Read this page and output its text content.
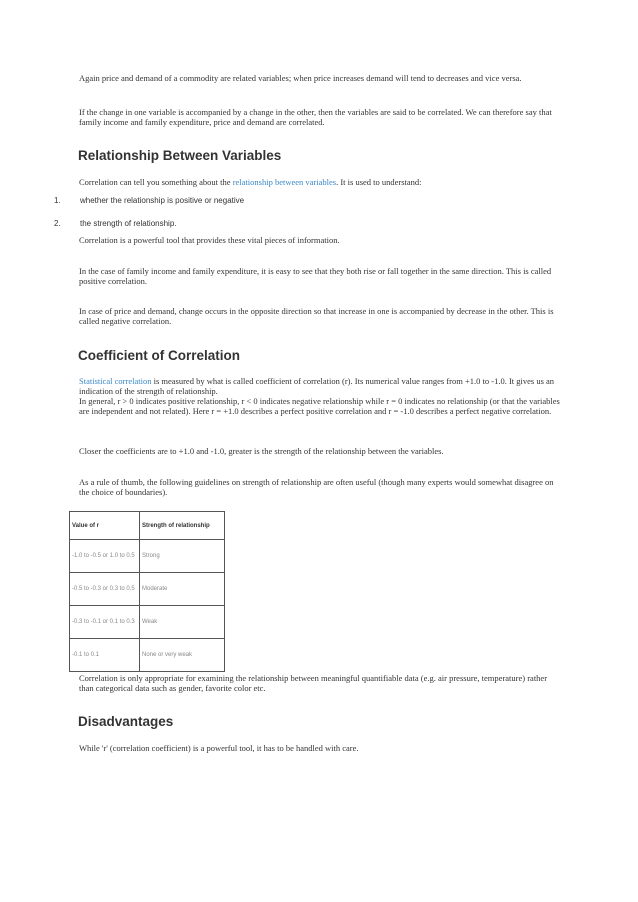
Again price and demand of a commodity are related variables; when price increases demand will tend to decreases and vice versa.

If the change in one variable is accompanied by a change in the other, then the variables are said to be correlated. We can therefore say that family income and family expenditure, price and demand are correlated.

Relationship Between Variables

Correlation can tell you something about the relationship between variables. It is used to understand:

1. whether the relationship is positive or negative
2. the strength of relationship.

Correlation is a powerful tool that provides these vital pieces of information.

In the case of family income and family expenditure, it is easy to see that they both rise or fall together in the same direction. This is called positive correlation.

In case of price and demand, change occurs in the opposite direction so that increase in one is accompanied by decrease in the other. This is called negative correlation.

Coefficient of Correlation
Statistical correlation is measured by what is called coefficient of correlation (r). Its numerical value ranges from +1.0 to -1.0. It gives us an indication of the strength of relationship.
In general, r > 0 indicates positive relationship, r < 0 indicates negative relationship while r = 0 indicates no relationship (or that the variables are independent and not related). Here r = +1.0 describes a perfect positive correlation and r = -1.0 describes a perfect negative correlation.

Closer the coefficients are to +1.0 and -1.0, greater is the strength of the relationship between the variables.

As a rule of thumb, the following guidelines on strength of relationship are often useful (though many experts would somewhat disagree on the choice of boundaries).

Value of r	Strength of relationship
-1.0 to -0.5 or 1.0 to 0.5	Strong
-0.5 to -0.3 or 0.3 to 0.5	Moderate
-0.3 to -0.1 or 0.1 to 0.3	Weak
-0.1 to 0.1	None or very weak

Correlation is only appropriate for examining the relationship between meaningful quantifiable data (e.g. air pressure, temperature) rather than categorical data such as gender, favorite color etc.

Disadvantages

While 'r' (correlation coefficient) is a powerful tool, it has to be handled with care.
